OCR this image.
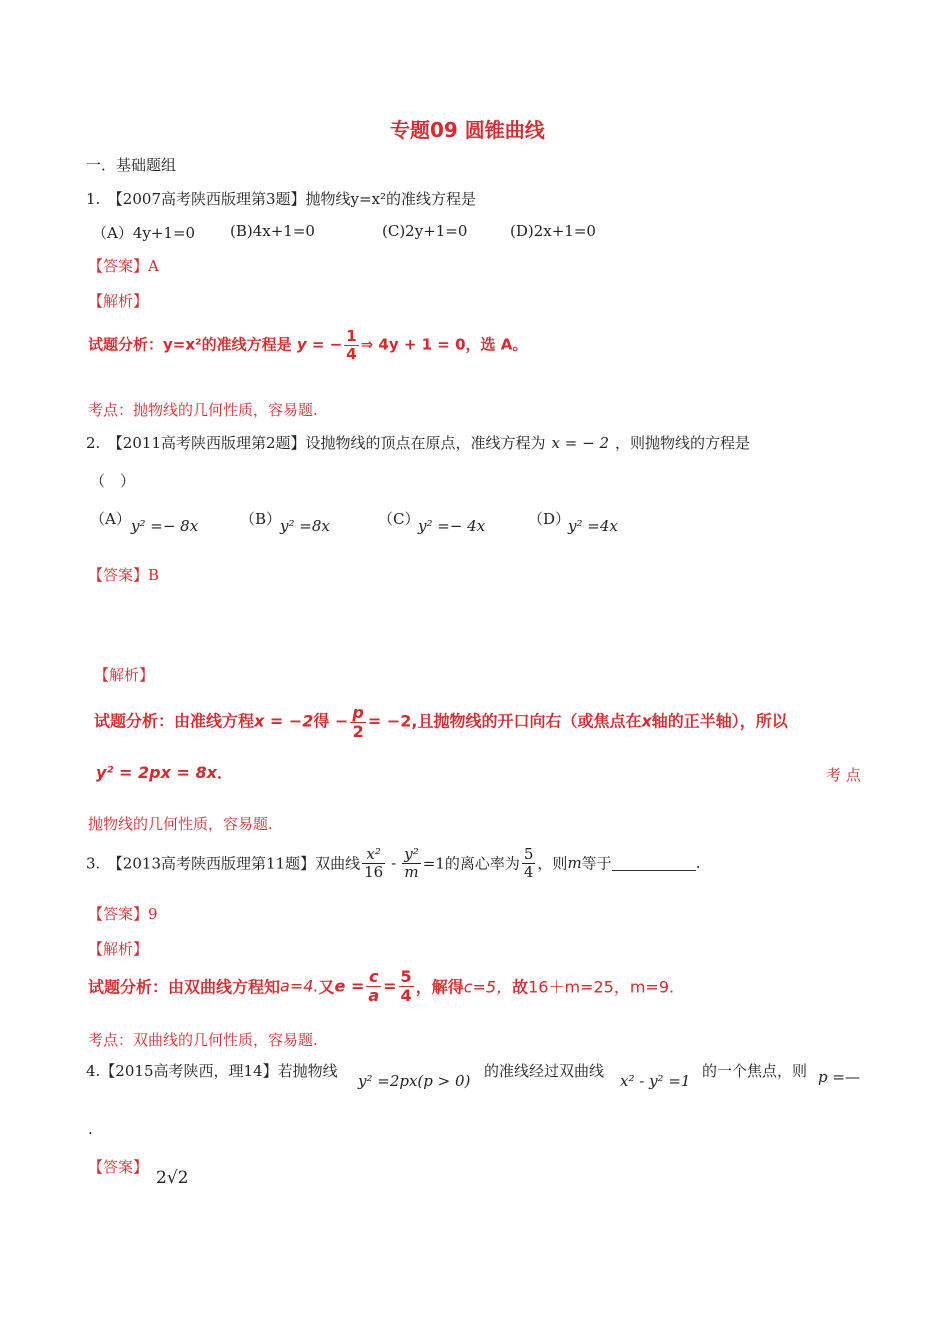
专题09 圆锥曲线
一．基础题组
1.　【2007高考陕西版理第3题】抛物线y=x²的准线方程是
（A）4y+1=0 (B)4x+1=0	(C)2y+1=0	(D)2x+1=0
【答案】A
【解析】
试题分析：y=x²的准线方程是 y = − $\frac{1}{4}$ ⇒ 4y + 1 = 0，选 A。
考点：抛物线的几何性质，容易题.
2.　【2011高考陕西版理第2题】设抛物线的顶点在原点，准线方程为 x = − 2 ，则抛物线的方程是
（　）
（A） y² =− 8x	（B）
y² =8x	（C）
y² =− 4x	（D）
y² =4x
【答案】B
【解析】
试题分析：由准线方程x = −2得 − $\frac{p}{2} = -2$,且抛物线的开口向右（或焦点在x轴的正半轴），所以
y² = 2px = 8x．	考 点
抛物线的几何性质，容易题.
3.　【2013高考陕西版理第11题】双曲线 $\frac{\text{x²}}{16} - \frac{\text{y²}}{m} =1$的离心率为 $\frac{5}{4}$ ，则m等于	.
【答案】9
【解析】
试题分析：由双曲线方程知a=4.又$e = \frac{c}{a} = \frac{5}{4}$ ，解得c=5，故16＋m=25，m=9.
考点：双曲线的几何性质，容易题.
4.【2015高考陕西，理14】若抛物线
y² =2px(p > 0)
的准线经过双曲线
x² - y² =1
的一个焦点，则 p =—
.
【答案】
2√2
